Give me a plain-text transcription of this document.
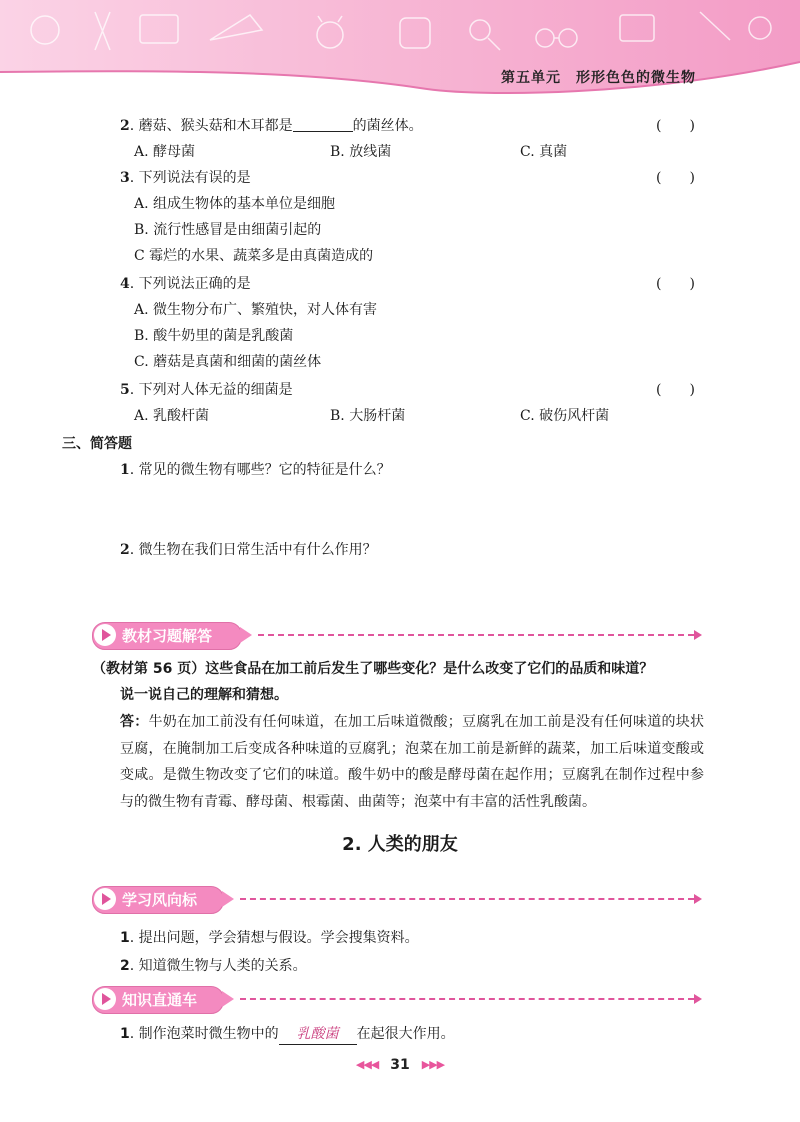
第五单元　形形色色的微生物
2. 蘑菇、猴头菇和木耳都是	的菌丝体。	(　　)
A. 酵母菌	B. 放线菌	C. 真菌
3. 下列说法有误的是	(　　)
A. 组成生物体的基本单位是细胞
B. 流行性感冒是由细菌引起的
C 霉烂的水果、蔬菜多是由真菌造成的
4. 下列说法正确的是	(　　)
A. 微生物分布广、繁殖快，对人体有害
B. 酸牛奶里的菌是乳酸菌
C. 蘑菇是真菌和细菌的菌丝体
5. 下列对人体无益的细菌是	(　　)
A. 乳酸杆菌	B. 大肠杆菌	C. 破伤风杆菌
三、简答题
1. 常见的微生物有哪些？它的特征是什么？
2. 微生物在我们日常生活中有什么作用？
教材习题解答
（教材第 56 页）这些食品在加工前后发生了哪些变化？是什么改变了它们的品质和味道？
说一说自己的理解和猜想。
答：牛奶在加工前没有任何味道，在加工后味道微酸；豆腐乳在加工前是没有任何味道的块状豆腐，在腌制加工后变成各种味道的豆腐乳；泡菜在加工前是新鲜的蔬菜，加工后味道变酸或变咸。是微生物改变了它们的味道。酸牛奶中的酸是酵母菌在起作用；豆腐乳在制作过程中参与的微生物有青霉、酵母菌、根霉菌、曲菌等；泡菜中有丰富的活性乳酸菌。
2. 人类的朋友
学习风向标
1. 提出问题，学会猜想与假设。学会搜集资料。
2. 知道微生物与人类的关系。
知识直通车
1. 制作泡菜时微生物中的 乳酸菌 在起很大作用。
◀◀◀ 31 ▶▶▶
